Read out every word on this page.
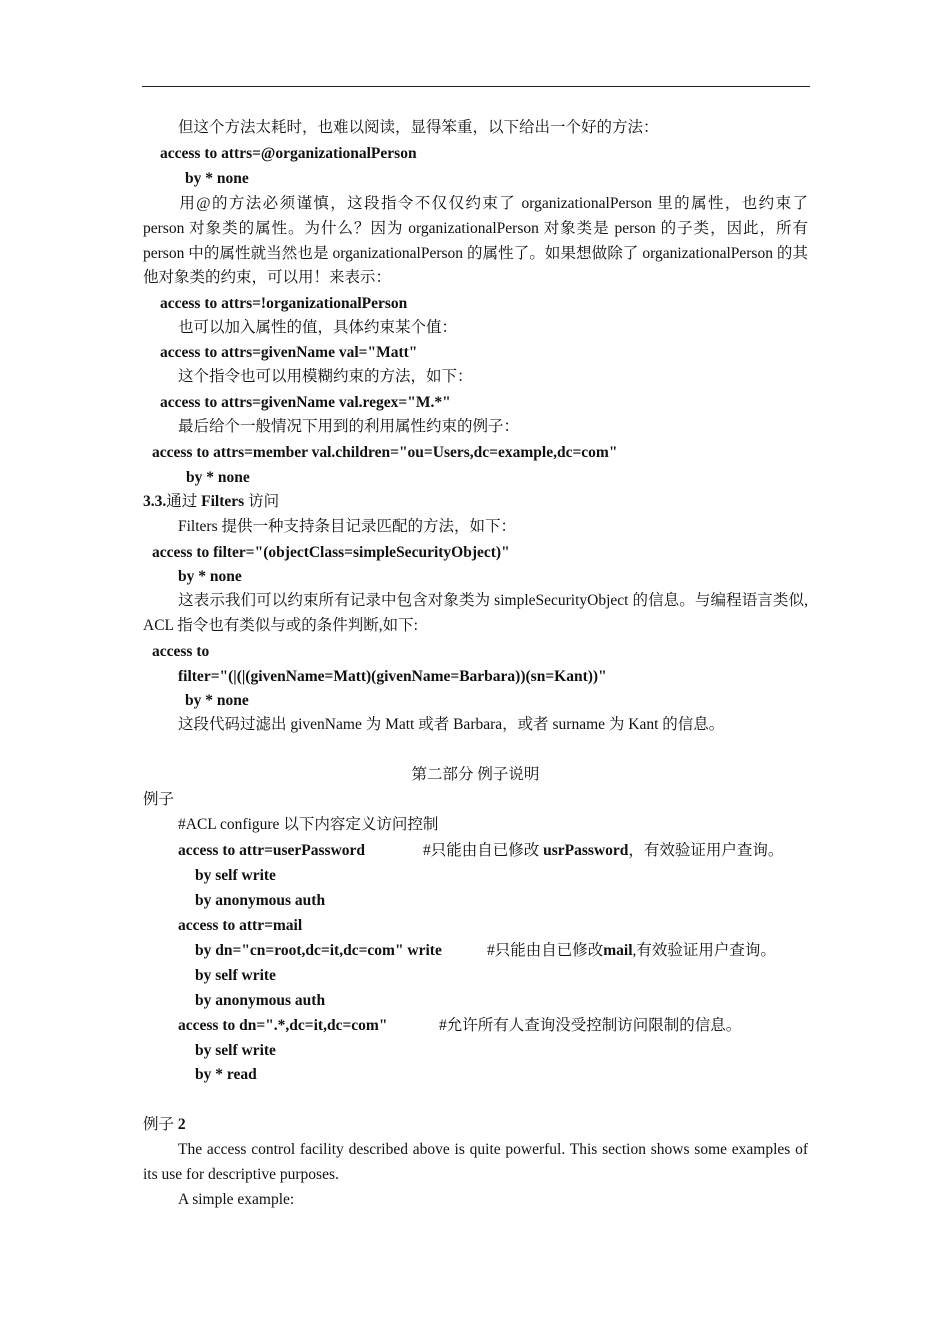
但这个方法太耗时，也难以阅读，显得笨重，以下给出一个好的方法：
access to attrs=@organizationalPerson
by * none
用@的方法必须谨慎，这段指令不仅仅约束了 organizationalPerson 里的属性，也约束了 person 对象类的属性。为什么？因为 organizationalPerson 对象类是 person 的子类，因此，所有 person 中的属性就当然也是 organizationalPerson 的属性了。如果想做除了 organizationalPerson 的其他对象类的约束，可以用！来表示：
access to attrs=!organizationalPerson
也可以加入属性的值，具体约束某个值：
access to attrs=givenName val="Matt"
这个指令也可以用模糊约束的方法，如下：
access to attrs=givenName val.regex="M.*"
最后给个一般情况下用到的利用属性约束的例子：
access to attrs=member val.children="ou=Users,dc=example,dc=com"
by * none
3.3.通过 Filters 访问
Filters 提供一种支持条目记录匹配的方法，如下：
access to filter="(objectClass=simpleSecurityObject)"
by * none
这表示我们可以约束所有记录中包含对象类为 simpleSecurityObject 的信息。与编程语言类似, ACL 指令也有类似与或的条件判断,如下:
access to
filter="(|(|(givenName=Matt)(givenName=Barbara))(sn=Kant))"
by * none
这段代码过滤出 givenName 为 Matt 或者 Barbara，或者 surname 为 Kant 的信息。
第二部分 例子说明
例子
#ACL configure 以下内容定义访问控制
access to attr=userPassword	#只能由自已修改 usrPassword，有效验证用户查询。
by self write
by anonymous auth
access to attr=mail
by dn="cn=root,dc=it,dc=com" write	#只能由自已修改mail,有效验证用户查询。
by self write
by anonymous auth
access to dn=".*,dc=it,dc=com"	#允许所有人查询没受控制访问限制的信息。
by self write
by * read
例子 2
The access control facility described above is quite powerful. This section shows some examples of its use for descriptive purposes.
A simple example:
